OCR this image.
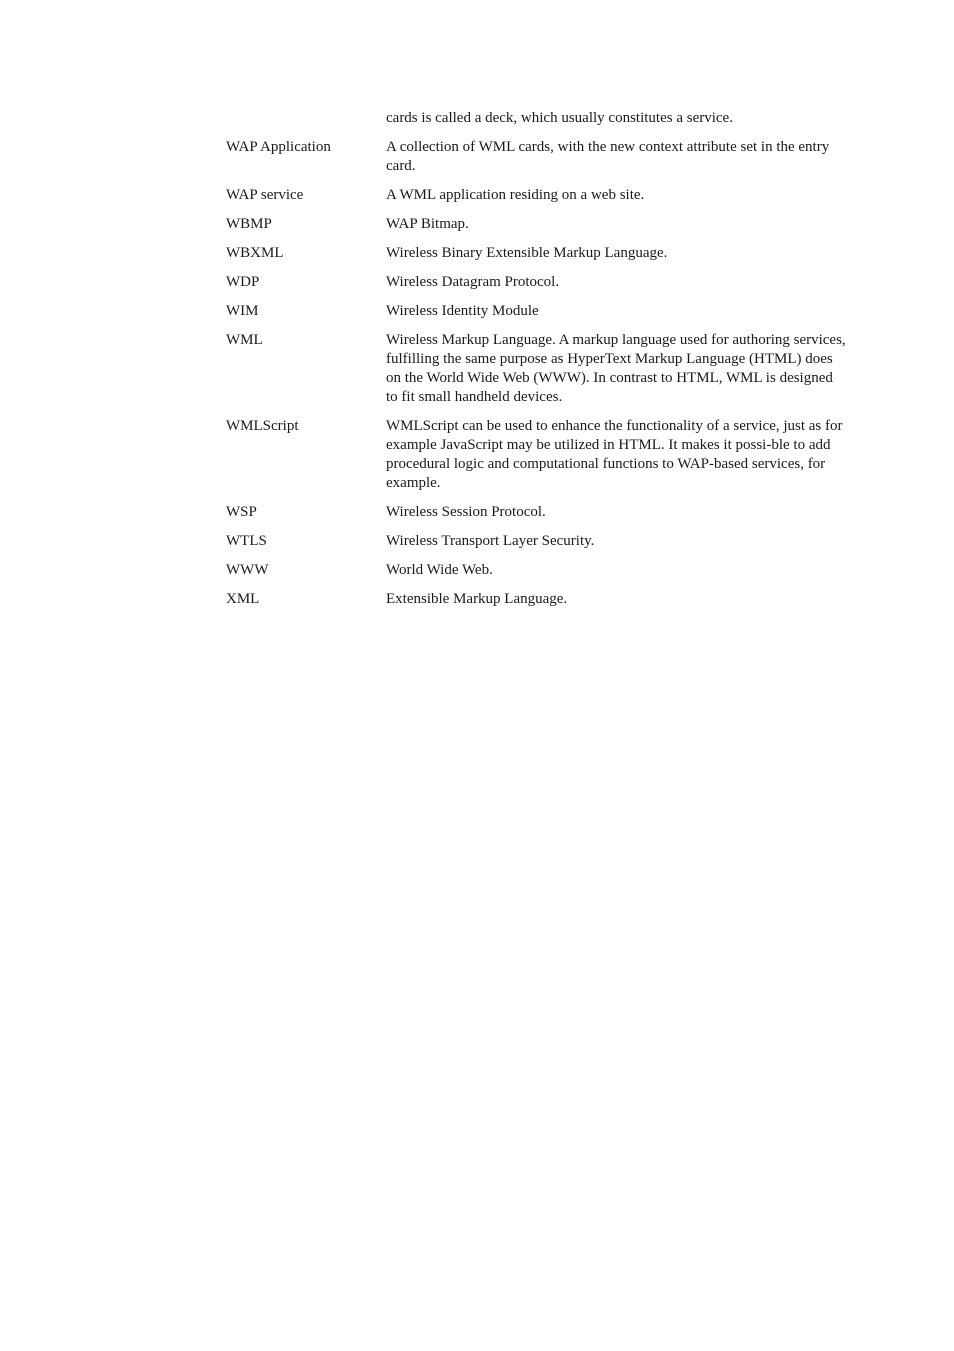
cards is called a deck, which usually constitutes a service.

WAP Application	A collection of WML cards, with the new context attribute set in the entry card.
WAP service	A WML application residing on a web site.
WBMP	WAP Bitmap.
WBXML	Wireless Binary Extensible Markup Language.
WDP	Wireless Datagram Protocol.
WIM	Wireless Identity Module
WML	Wireless Markup Language. A markup language used for authoring services, fulfilling the same purpose as HyperText Markup Language (HTML) does on the World Wide Web (WWW). In contrast to HTML, WML is designed to fit small handheld devices.
WMLScript	WMLScript can be used to enhance the functionality of a service, just as for example JavaScript may be utilized in HTML. It makes it possi-ble to add procedural logic and computational functions to WAP-based services, for example.
WSP	Wireless Session Protocol.
WTLS	Wireless Transport Layer Security.
WWW	World Wide Web.
XML	Extensible Markup Language.
